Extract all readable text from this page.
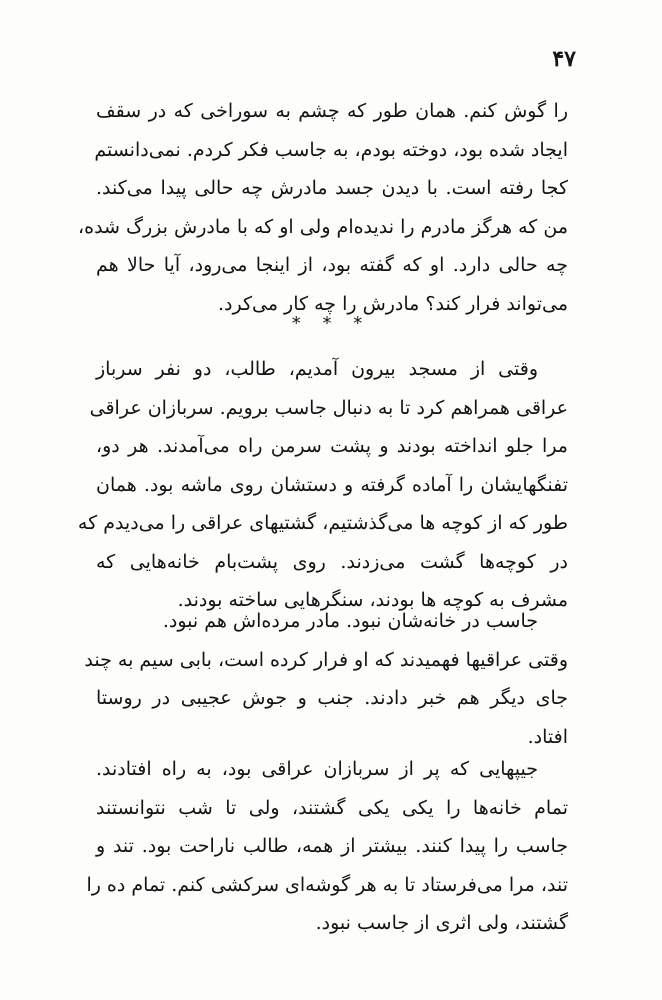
۴۷
را گوش کنم. همان طور که چشم به سوراخی که در سقف
ایجاد شده بود، دوخته بودم، به جاسب فکر کردم. نمی‌دانستم
کجا رفته است. با دیدن جسد مادرش چه حالی پیدا می‌کند.
من که هرگز مادرم را ندیده‌ام ولی او که با مادرش بزرگ شده،
چه حالی دارد. او که گفته بود، از اینجا می‌رود، آیا حالا هم
می‌تواند فرار کند؟ مادرش را چه کار می‌کرد.
* * *
وقتی از مسجد بیرون آمدیم، طالب، دو نفر سرباز
عراقی همراهم کرد تا به دنبال جاسب برویم. سربازان عراقی
مرا جلو انداخته بودند و پشت سرمن راه می‌آمدند. هر دو،
تفنگهایشان را آماده گرفته و دستشان روی ماشه بود. همان
طور که از کوچه ها می‌گذشتیم، گشتیهای عراقی را می‌دیدم که
در کوچه‌ها گشت می‌زدند. روی پشت‌بام خانه‌هایی که
مشرف به کوچه ها بودند، سنگرهایی ساخته بودند.
جاسب در خانه‌شان نبود. مادر مرده‌اش هم نبود.
وقتی عراقیها فهمیدند که او فرار کرده است، بابی سیم به چند
جای دیگر هم خبر دادند. جنب و جوش عجیبی در روستا
افتاد.
جیپهایی که پر از سربازان عراقی بود، به راه افتادند.
تمام خانه‌ها را یکی یکی گشتند، ولی تا شب نتوانستند
جاسب را پیدا کنند. بیشتر از همه، طالب ناراحت بود. تند و
تند، مرا می‌فرستاد تا به هر گوشه‌ای سرکشی کنم. تمام ده را
گشتند، ولی اثری از جاسب نبود.
